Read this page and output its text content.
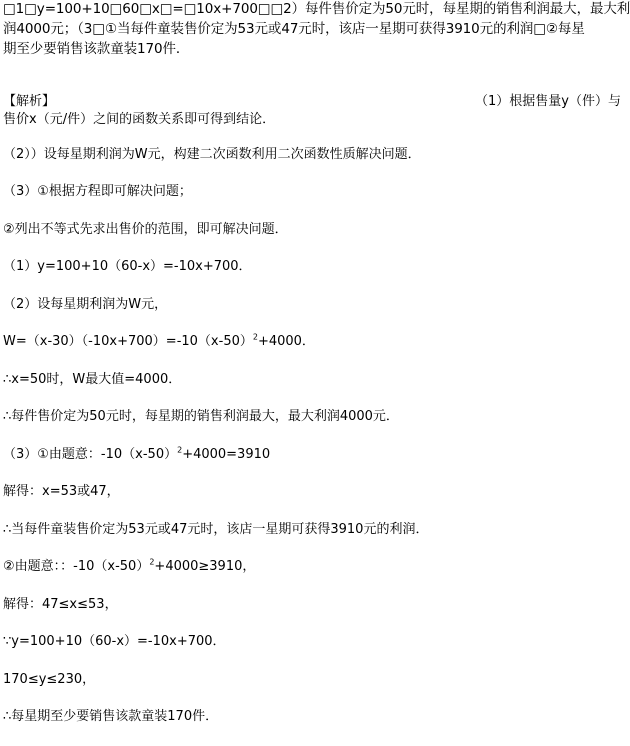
□1□y=100+10□60□x□=□10x+700□□2）每件售价定为50元时，每星期的销售利润最大，最大利
润4000元；（3□①当每件童装售价定为53元或47元时，该店一星期可获得3910元的利润□②每星
期至少要销售该款童装170件．
【解析】	（1）根据售量y（件）与
售价x（元/件）之间的函数关系即可得到结论．
（2））设每星期利润为W元，构建二次函数利用二次函数性质解决问题．
（3）①根据方程即可解决问题；
②列出不等式先求出售价的范围，即可解决问题．
（1）y=100+10（60-x）=-10x+700．
（2）设每星期利润为W元，
$W=(x-30)(-10x+700)=-10(x-50)^2+4000$．
∴x=50时，W最大值=4000．
∴每件售价定为50元时，每星期的销售利润最大，最大利润4000元．
（3）①由题意：$-10(x-50)^2+4000=3910$
解得：x=53或47，
∴当每件童装售价定为53元或47元时，该店一星期可获得3910元的利润．
②由题意：：$-10(x-50)^2+4000\ge 3910$，
解得：47≤x≤53，
∵y=100+10（60-x）=-10x+700．
170≤y≤230，
∴每星期至少要销售该款童装170件．
